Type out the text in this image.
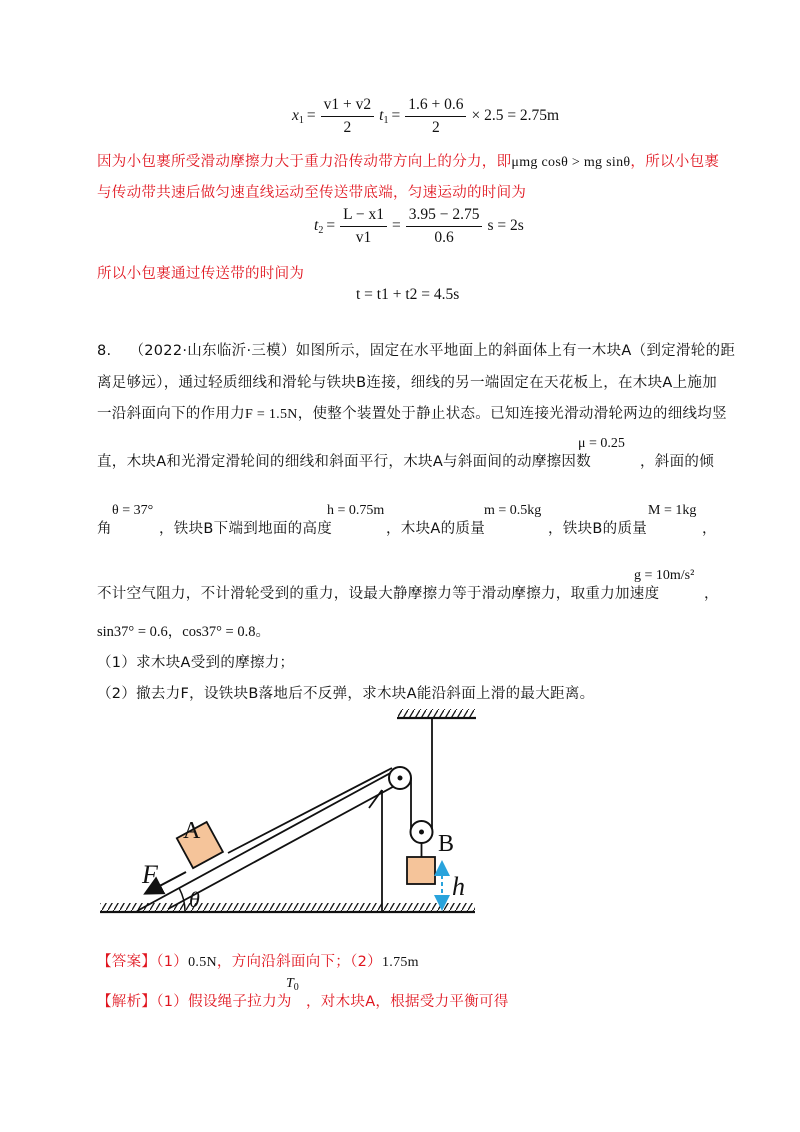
$x_1 = \frac{v1 + v2}{2} t_1 = \frac{1.6 + 0.6}{2} \times 2.5 = 2.75m$
因为小包裹所受滑动摩擦力大于重力沿传动带方向上的分力，即μmg cosθ > mg sinθ，所以小包裹
与传动带共速后做匀速直线运动至传送带底端，匀速运动的时间为
$t_2 = \frac{L - x1}{v1} = \frac{3.95 - 2.75}{0.6}$ s = 2s
所以小包裹通过传送带的时间为
t = t1 + t2 = 4.5s
8. （2022·山东临沂·三模）如图所示，固定在水平地面上的斜面体上有一木块A（到定滑轮的距
离足够远），通过轻质细线和滑轮与铁块B连接，细线的另一端固定在天花板上，在木块A上施加
一沿斜面向下的作用力F = 1.5N，使整个装置处于静止状态。已知连接光滑动滑轮两边的细线均竖
直，木块A和光滑定滑轮间的细线和斜面平行，木块A与斜面间的动摩擦因数
μ = 0.25
，斜面的倾
角
θ = 37°
，铁块B下端到地面的高度
h = 0.75m
，木块A的质量
m = 0.5kg
，铁块B的质量
M = 1kg
，
不计空气阻力，不计滑轮受到的重力，设最大静摩擦力等于滑动摩擦力，取重力加速度
g = 10m/s²
，
sin37° = 0.6，cos37° = 0.8。
（1）求木块A受到的摩擦力；
（2）撤去力F，设铁块B落地后不反弹，求木块A能沿斜面上滑的最大距离。
A	B
F
θ	h
【答案】（1）0.5N，方向沿斜面向下；（2）1.75m
【解析】（1）假设绳子拉力为
$T_0$
，对木块A，根据受力平衡可得
